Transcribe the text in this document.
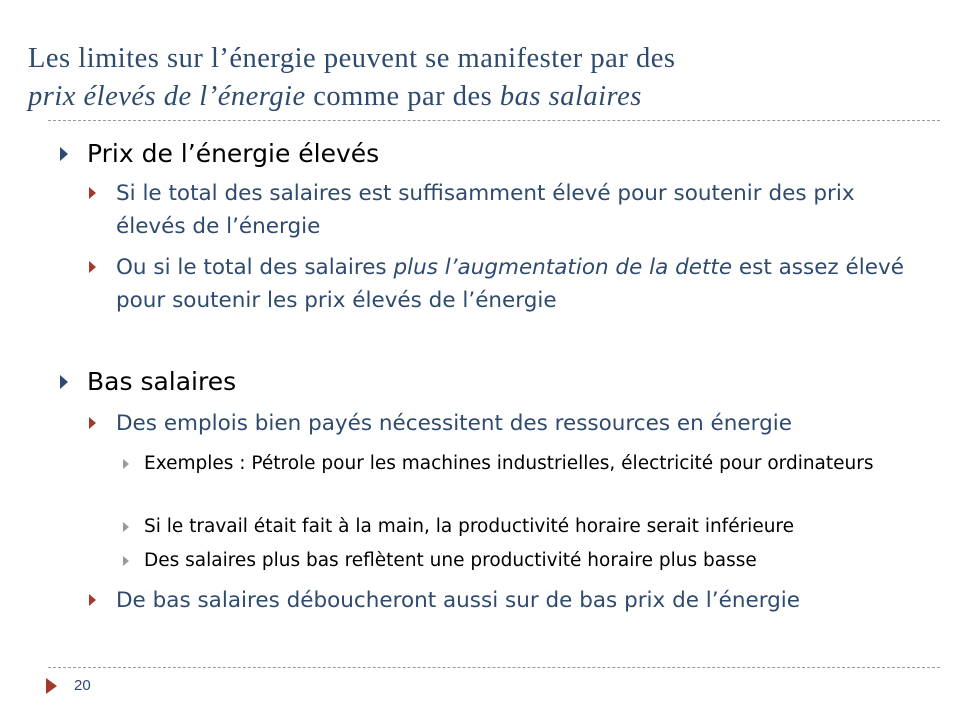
Les limites sur l’énergie peuvent se manifester par des
prix élevés de l’énergie comme par des bas salaires
Prix de l’énergie élevés
Si le total des salaires est suffisamment élevé pour soutenir des prix élevés de l’énergie
Ou si le total des salaires plus l’augmentation de la dette est assez élevé pour soutenir les prix élevés de l’énergie
Bas salaires
Des emplois bien payés nécessitent des ressources en énergie
Exemples : Pétrole pour les machines industrielles, électricité pour ordinateurs
Si le travail était fait à la main, la productivité horaire serait inférieure
Des salaires plus bas reflètent une productivité horaire plus basse
De bas salaires déboucheront aussi sur de bas prix de l’énergie
20
